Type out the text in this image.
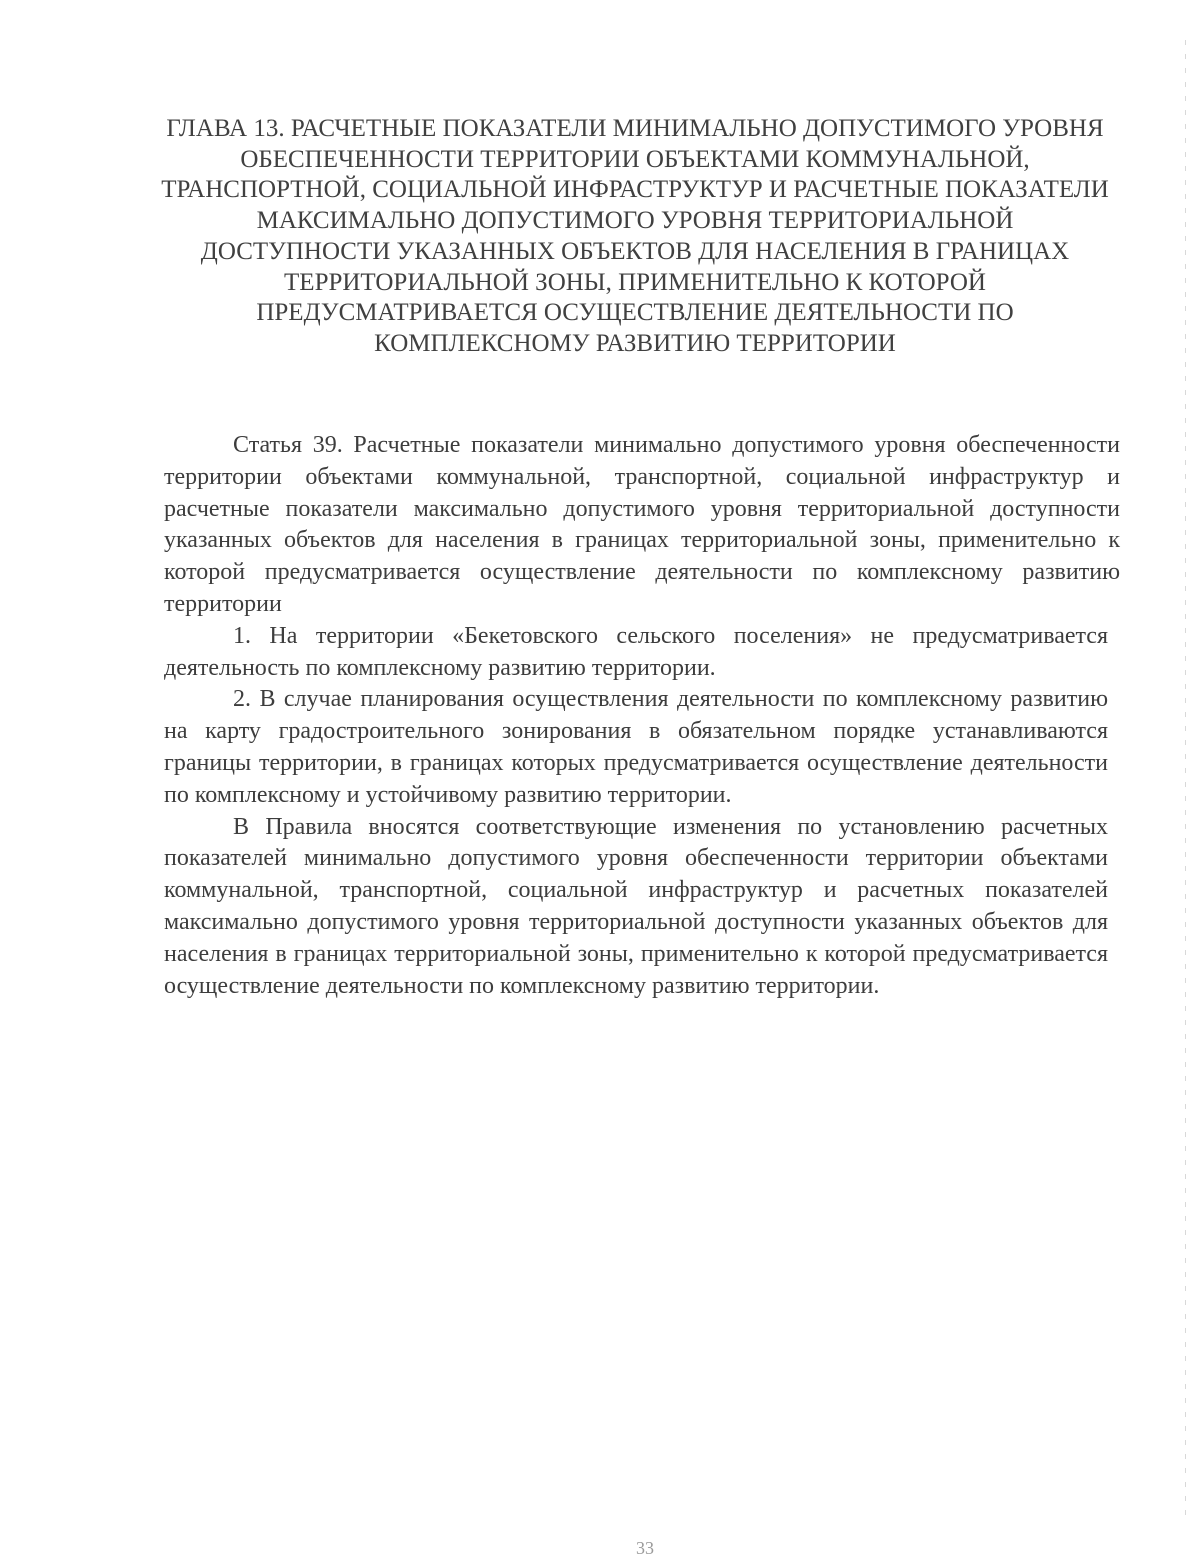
ГЛАВА 13. РАСЧЕТНЫЕ ПОКАЗАТЕЛИ МИНИМАЛЬНО ДОПУСТИМОГО УРОВНЯ ОБЕСПЕЧЕННОСТИ ТЕРРИТОРИИ ОБЪЕКТАМИ КОММУНАЛЬНОЙ, ТРАНСПОРТНОЙ, СОЦИАЛЬНОЙ ИНФРАСТРУКТУР И РАСЧЕТНЫЕ ПОКАЗАТЕЛИ МАКСИМАЛЬНО ДОПУСТИМОГО УРОВНЯ ТЕРРИТОРИАЛЬНОЙ ДОСТУПНОСТИ УКАЗАННЫХ ОБЪЕКТОВ ДЛЯ НАСЕЛЕНИЯ В ГРАНИЦАХ ТЕРРИТОРИАЛЬНОЙ ЗОНЫ, ПРИМЕНИТЕЛЬНО К КОТОРОЙ ПРЕДУСМАТРИВАЕТСЯ ОСУЩЕСТВЛЕНИЕ ДЕЯТЕЛЬНОСТИ ПО КОМПЛЕКСНОМУ РАЗВИТИЮ ТЕРРИТОРИИ

Статья 39. Расчетные показатели минимально допустимого уровня обеспеченности территории объектами коммунальной, транспортной, социальной инфраструктур и расчетные показатели максимально допустимого уровня территориальной доступности указанных объектов для населения в границах территориальной зоны, применительно к которой предусматривается осуществление деятельности по комплексному развитию территории

1. На территории «Бекетовского сельского поселения» не предусматривается деятельность по комплексному развитию территории.

2. В случае планирования осуществления деятельности по комплексному развитию на карту градостроительного зонирования в обязательном порядке устанавливаются границы территории, в границах которых предусматривается осуществление деятельности по комплексному и устойчивому развитию территории.

В Правила вносятся соответствующие изменения по установлению расчетных показателей минимально допустимого уровня обеспеченности территории объектами коммунальной, транспортной, социальной инфраструктур и расчетных показателей максимально допустимого уровня территориальной доступности указанных объектов для населения в границах территориальной зоны, применительно к которой предусматривается осуществление деятельности по комплексному развитию территории.

33
